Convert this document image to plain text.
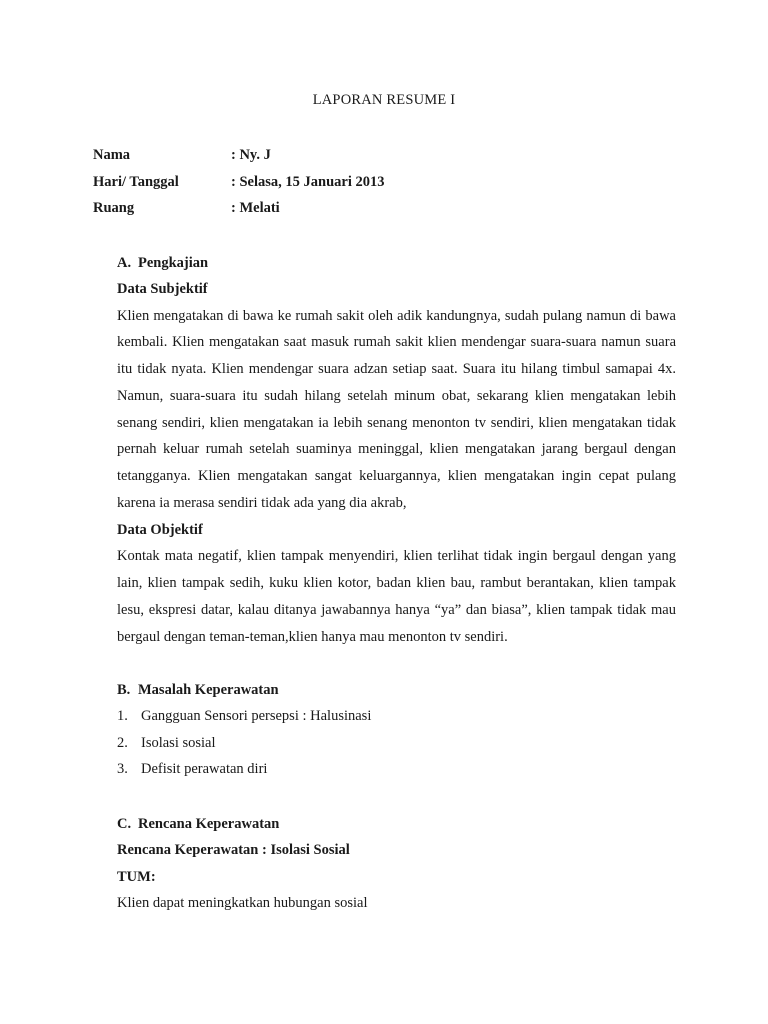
LAPORAN RESUME I
Nama	: Ny. J
Hari/ Tanggal	: Selasa, 15 Januari 2013
Ruang	: Melati
A. Pengkajian
Data Subjektif

Klien mengatakan di bawa ke rumah sakit oleh adik kandungnya, sudah pulang namun di bawa kembali. Klien mengatakan saat masuk rumah sakit klien mendengar suara-suara namun suara itu tidak nyata. Klien mendengar suara adzan setiap saat. Suara itu hilang timbul samapai 4x. Namun, suara-suara itu sudah hilang setelah minum obat, sekarang klien mengatakan lebih senang sendiri, klien mengatakan ia lebih senang menonton tv sendiri, klien mengatakan tidak pernah keluar rumah setelah suaminya meninggal, klien mengatakan jarang bergaul dengan tetangganya. Klien mengatakan sangat keluargannya, klien mengatakan ingin cepat pulang karena ia merasa sendiri tidak ada yang dia akrab,

Data Objektif

Kontak mata negatif, klien tampak menyendiri, klien terlihat tidak ingin bergaul dengan yang lain, klien tampak sedih, kuku klien kotor, badan klien bau, rambut berantakan, klien tampak lesu, ekspresi datar, kalau ditanya jawabannya hanya “ya” dan biasa”, klien tampak tidak mau bergaul dengan teman-teman,klien hanya mau menonton tv sendiri.

B. Masalah Keperawatan
1. Gangguan Sensori persepsi : Halusinasi
2. Isolasi sosial
3. Defisit perawatan diri
C. Rencana Keperawatan
Rencana Keperawatan : Isolasi Sosial
TUM:
Klien dapat meningkatkan hubungan sosial
